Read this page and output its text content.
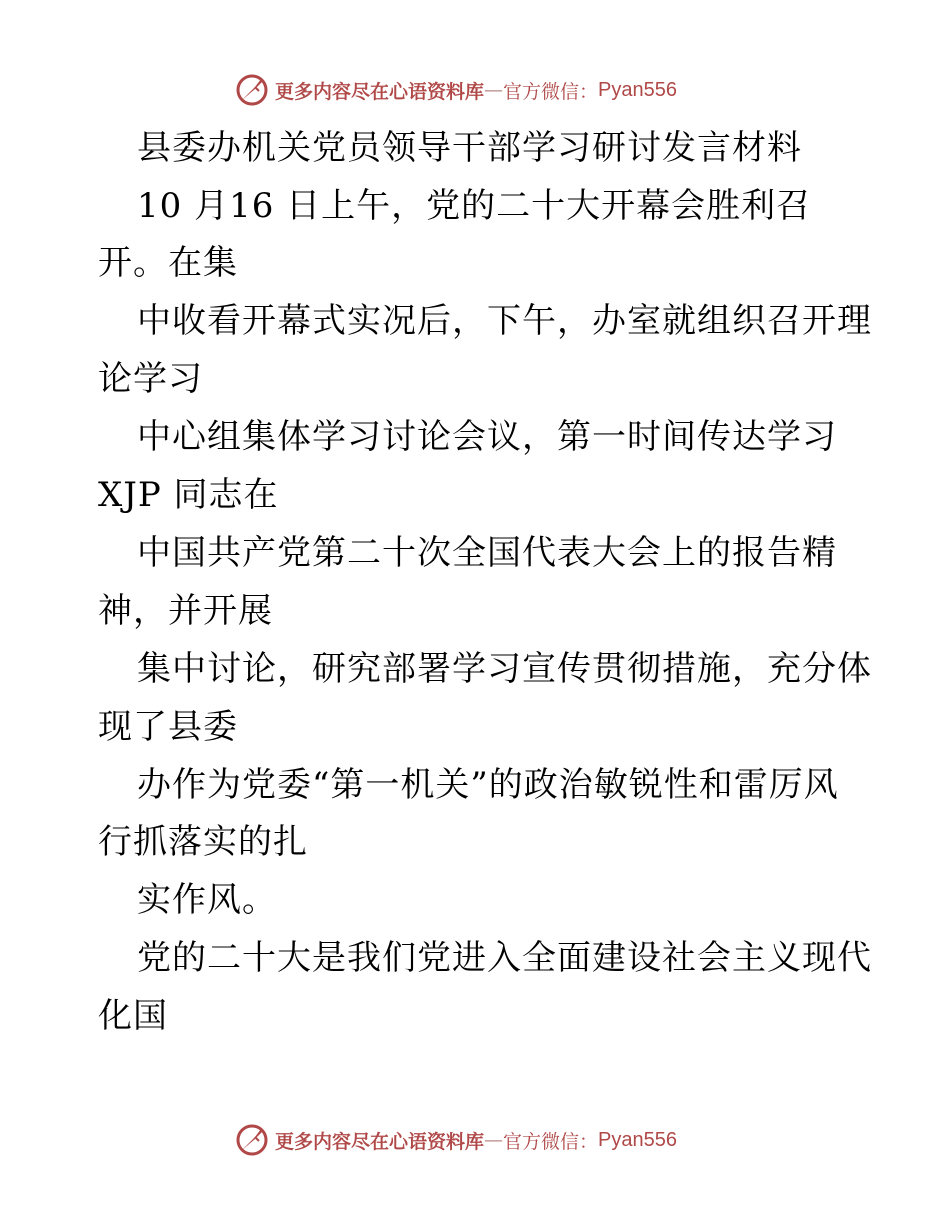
更多内容尽在心语资料库 — 官方微信： Pyan556
县委办机关党员领导干部学习研讨发言材料
10 月16 日上午，党的二十大开幕会胜利召
开。在集
中收看开幕式实况后，下午，办室就组织召开理
论学习
中心组集体学习讨论会议，第一时间传达学习
XJP 同志在
中国共产党第二十次全国代表大会上的报告精
神，并开展
集中讨论，研究部署学习宣传贯彻措施，充分体
现了县委
办作为党委“第一机关”的政治敏锐性和雷厉风
行抓落实的扎
实作风。
党的二十大是我们党进入全面建设社会主义现代
化国
更多内容尽在心语资料库 — 官方微信： Pyan556
